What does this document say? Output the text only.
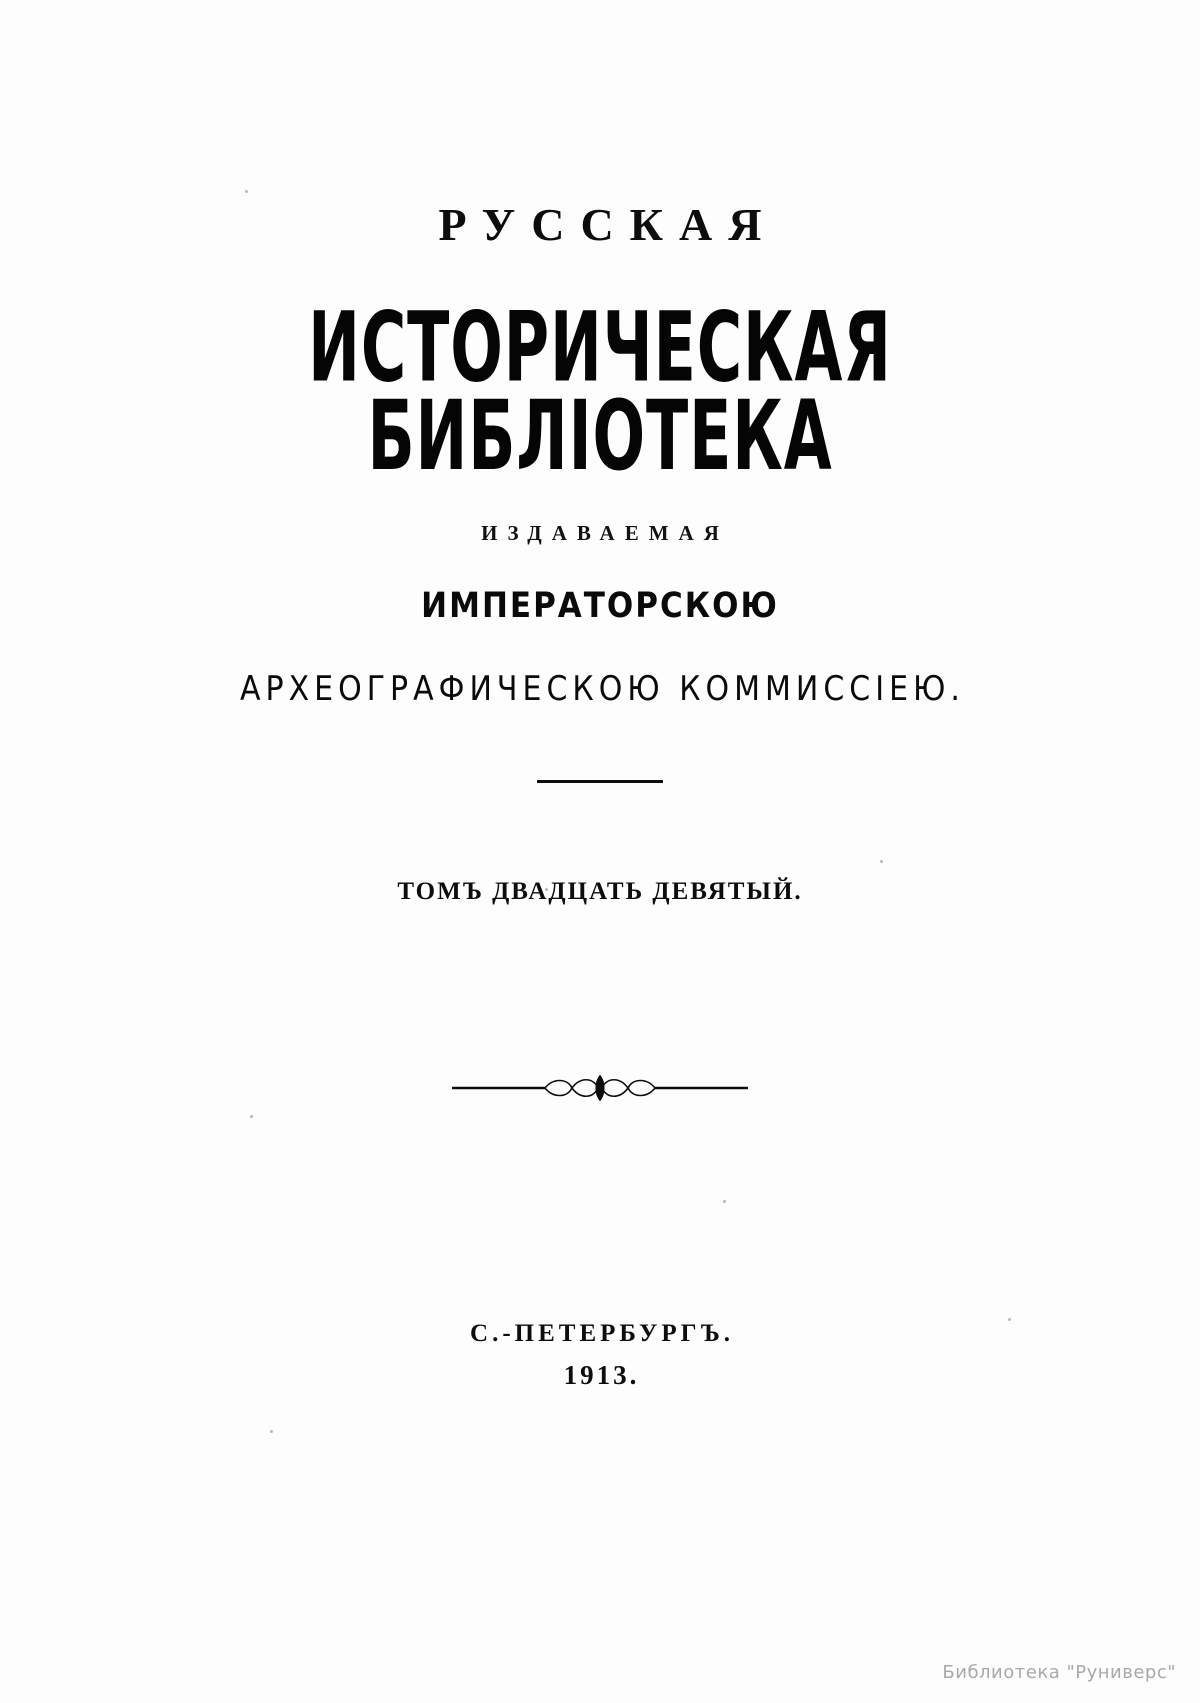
РУССКАЯ
ИСТОРИЧЕСКАЯ БИБЛІОТЕКА
ИЗДАВАЕМАЯ
ИМПЕРАТОРСКОЮ
АРХЕОГРАФИЧЕСКОЮ КОММИССІЕЮ.
ТОМЪ ДВАДЦАТЬ ДЕВЯТЫЙ.
С.-ПЕТЕРБУРГЪ.
1913.
Библиотека "Руниверс"
